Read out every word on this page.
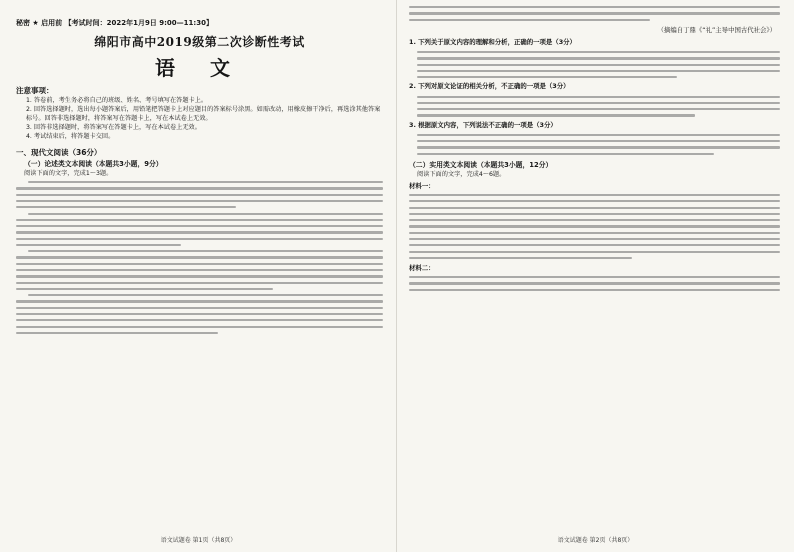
秘密 ★ 启用前 【考试时间：2022年1月9日 9:00—11:30】
绵阳市高中2019级第二次诊断性考试
语 文
注意事项：
1. 答卷前，考生务必将自己的班级、姓名、考号填写在答题卡上。
2. 回答选择题时，选出每小题答案后，用铅笔把答题卡上对应题目的答案标号涂黑。如需改动，用橡皮擦干净后，再选涂其他答案标号。回答非选择题时，将答案写在答题卡上，写在本试卷上无效。
3. 回答非选择题时，将答案写在答题卡上，写在本试卷上无效。
4. 考试结束后，将答题卡交回。
一、现代文阅读（36分）
（一）论述类文本阅读（本题共3小题，9分）
阅读下面的文字，完成1～3题。
语文试题卷 第1页（共8页）
（摘编自丁鼎《“礼”主导中国古代社会》）
1. 下列关于原文内容的理解和分析，正确的一项是（3分）
2. 下列对原文论证的相关分析，不正确的一项是（3分）
3. 根据原文内容，下列说法不正确的一项是（3分）
（二）实用类文本阅读（本题共3小题，12分）
阅读下面的文字，完成4～6题。
材料一：
材料二：
语文试题卷 第2页（共8页）
